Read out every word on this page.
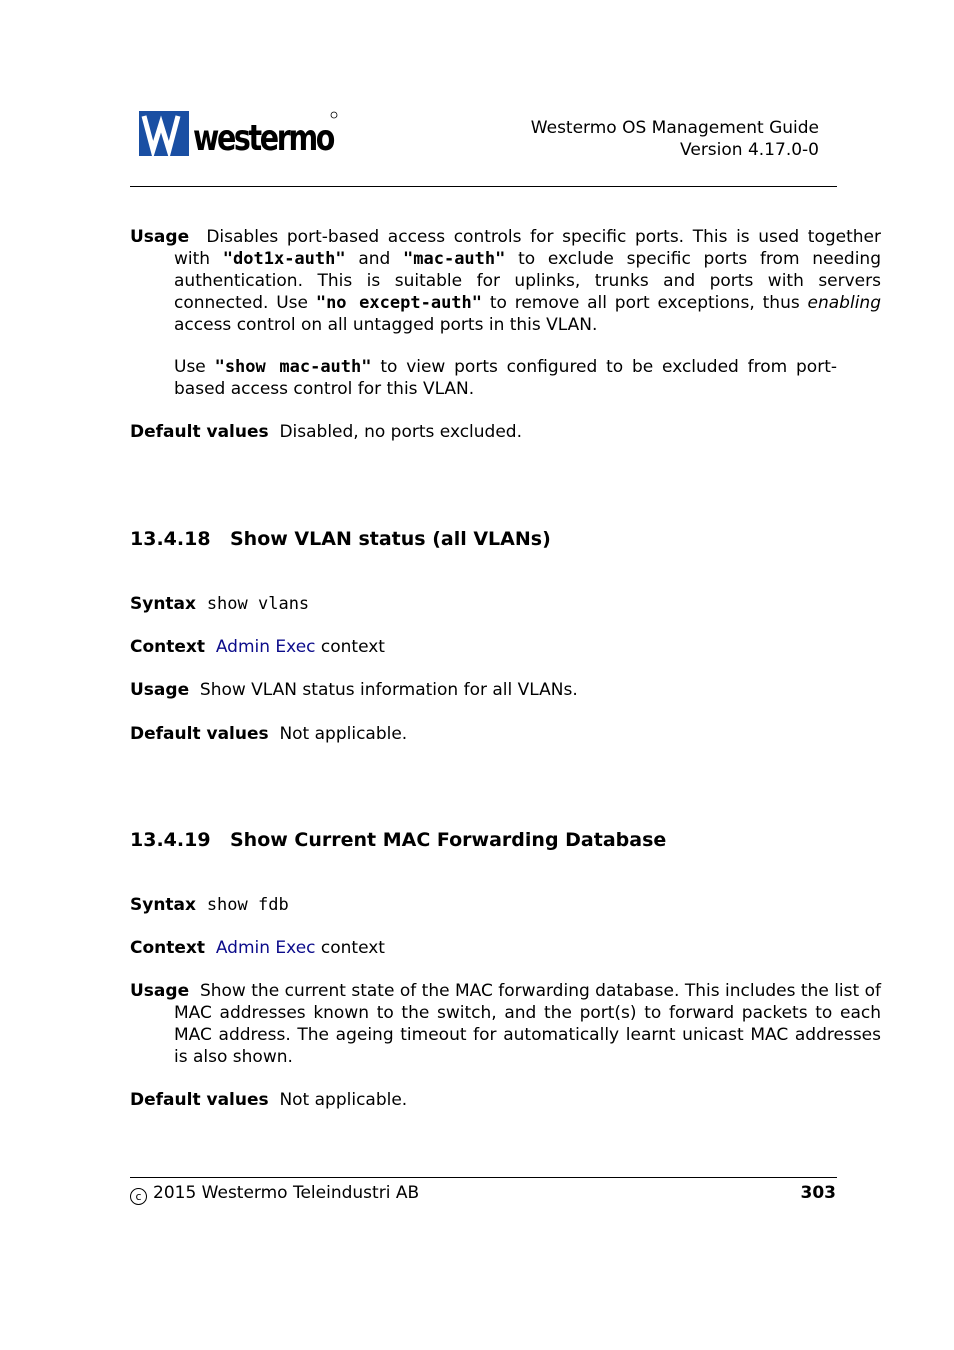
westermo	Westermo OS Management Guide
Version 4.17.0-0
Usage Disables port-based access controls for specific ports. This is used together with "dot1x-auth" and "mac-auth" to exclude specific ports from needing authentication. This is suitable for uplinks, trunks and ports with servers connected. Use "no except-auth" to remove all port exceptions, thus enabling access control on all untagged ports in this VLAN.
Use "show mac-auth" to view ports configured to be excluded from port-based access control for this VLAN.
Default values Disabled, no ports excluded.
13.4.18 Show VLAN status (all VLANs)
Syntax show vlans
Context Admin Exec context
Usage Show VLAN status information for all VLANs.
Default values Not applicable.
13.4.19 Show Current MAC Forwarding Database
Syntax show fdb
Context Admin Exec context
Usage Show the current state of the MAC forwarding database. This includes the list of MAC addresses known to the switch, and the port(s) to forward packets to each MAC address. The ageing timeout for automatically learnt unicast MAC addresses is also shown.
Default values Not applicable.
c 2015 Westermo Teleindustri AB	303
